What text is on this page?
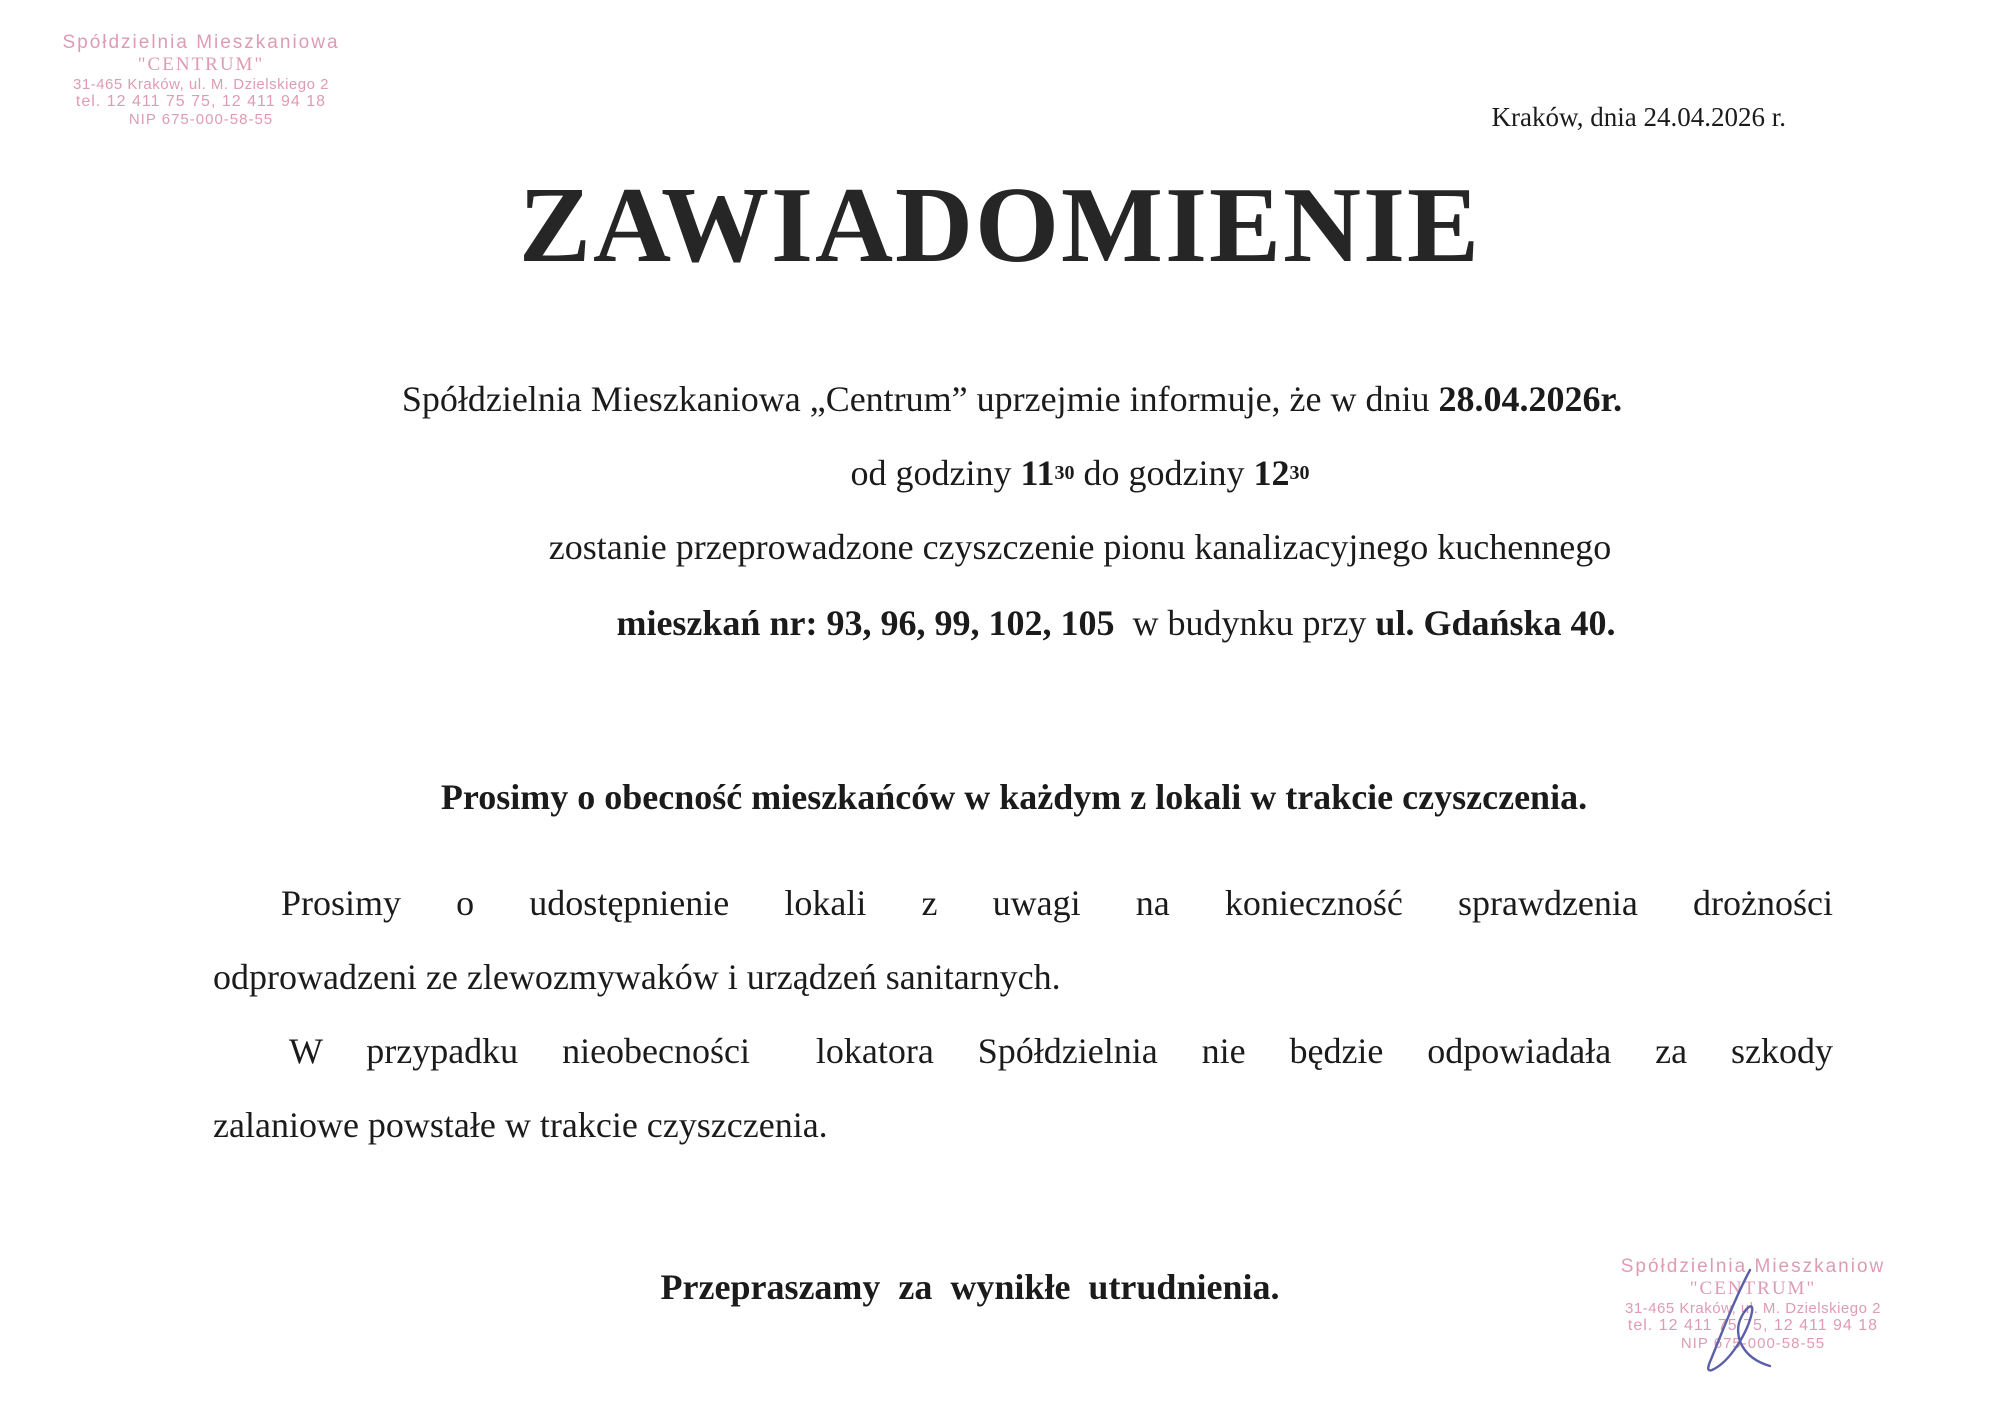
Spółdzielnia Mieszkaniowa
"CENTRUM"
31-465 Kraków, ul. M. Dzielskiego 2
tel. 12 411 75 75, 12 411 94 18
NIP 675-000-58-55	Kraków, dnia 24.04.2026 r.
ZAWIADOMIENIE
Spółdzielnia Mieszkaniowa „Centrum” uprzejmie informuje, że w dniu 28.04.2026r.
od godziny $11^{30}$ do godziny $12^{30}$
zostanie przeprowadzone czyszczenie pionu kanalizacyjnego kuchennego
mieszkań nr: 93, 96, 99, 102, 105  w budynku przy ul. Gdańska 40.
Prosimy o obecność mieszkańców w każdym z lokali w trakcie czyszczenia.
Prosimy  o  udostępnienie  lokali  z  uwagi  na  konieczność  sprawdzenia  drożności
odprowadzeni ze zlewozmywaków i urządzeń sanitarnych.
W  przypadku  nieobecności   lokatora  Spółdzielnia  nie  będzie  odpowiadała  za  szkody
zalaniowe powstałe w trakcie czyszczenia.
Przepraszamy  za  wynikłe  utrudnienia.
Spółdzielnia Mieszkaniow
"CENTRUM"
31-465 Kraków, ul. M. Dzielskiego 2
tel. 12 411 75 75, 12 411 94 18
NIP 675-000-58-55
